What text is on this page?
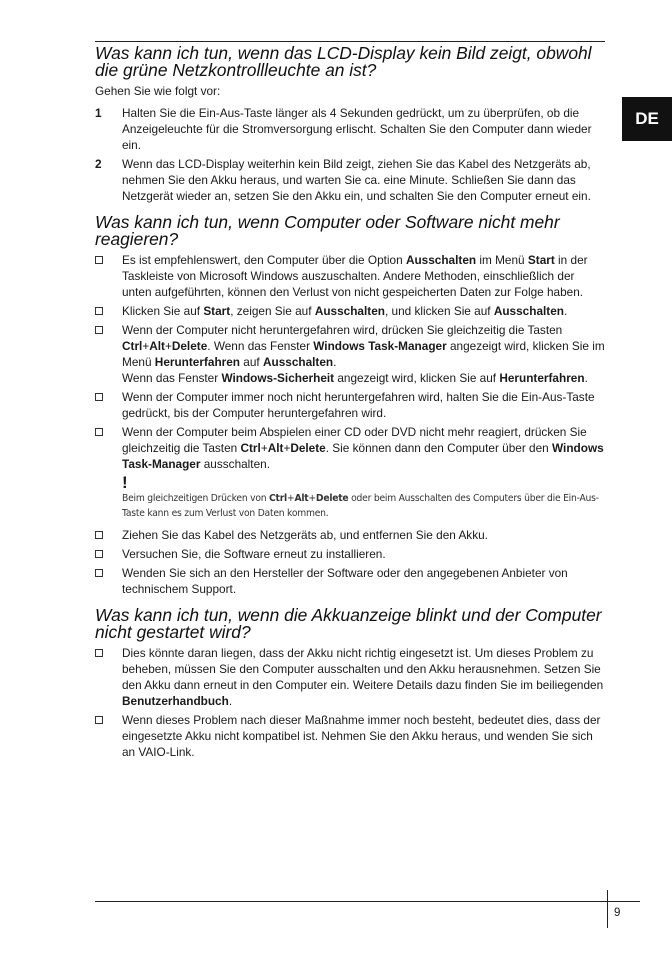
DE
Was kann ich tun, wenn das LCD-Display kein Bild zeigt, obwohl die grüne Netzkontrollleuchte an ist?

Gehen Sie wie folgt vor:

1 Halten Sie die Ein-Aus-Taste länger als 4 Sekunden gedrückt, um zu überprüfen, ob die Anzeigeleuchte für die Stromversorgung erlischt. Schalten Sie den Computer dann wieder ein.
2 Wenn das LCD-Display weiterhin kein Bild zeigt, ziehen Sie das Kabel des Netzgeräts ab, nehmen Sie den Akku heraus, und warten Sie ca. eine Minute. Schließen Sie dann das Netzgerät wieder an, setzen Sie den Akku ein, und schalten Sie den Computer erneut ein.
Was kann ich tun, wenn Computer oder Software nicht mehr reagieren?
Es ist empfehlenswert, den Computer über die Option Ausschalten im Menü Start in der Taskleiste von Microsoft Windows auszuschalten. Andere Methoden, einschließlich der unten aufgeführten, können den Verlust von nicht gespeicherten Daten zur Folge haben.
Klicken Sie auf Start, zeigen Sie auf Ausschalten, und klicken Sie auf Ausschalten.
Wenn der Computer nicht heruntergefahren wird, drücken Sie gleichzeitig die Tasten Ctrl+Alt+Delete. Wenn das Fenster Windows Task-Manager angezeigt wird, klicken Sie im Menü Herunterfahren auf Ausschalten.
Wenn das Fenster Windows-Sicherheit angezeigt wird, klicken Sie auf Herunterfahren.
Wenn der Computer immer noch nicht heruntergefahren wird, halten Sie die Ein-Aus-Taste gedrückt, bis der Computer heruntergefahren wird.
Wenn der Computer beim Abspielen einer CD oder DVD nicht mehr reagiert, drücken Sie gleichzeitig die Tasten Ctrl+Alt+Delete. Sie können dann den Computer über den Windows Task-Manager ausschalten.
!
Beim gleichzeitigen Drücken von Ctrl+Alt+Delete oder beim Ausschalten des Computers über die Ein-Aus-Taste kann es zum Verlust von Daten kommen.
Ziehen Sie das Kabel des Netzgeräts ab, und entfernen Sie den Akku.
Versuchen Sie, die Software erneut zu installieren.
Wenden Sie sich an den Hersteller der Software oder den angegebenen Anbieter von technischem Support.
Was kann ich tun, wenn die Akkuanzeige blinkt und der Computer nicht gestartet wird?
Dies könnte daran liegen, dass der Akku nicht richtig eingesetzt ist. Um dieses Problem zu beheben, müssen Sie den Computer ausschalten und den Akku herausnehmen. Setzen Sie den Akku dann erneut in den Computer ein. Weitere Details dazu finden Sie im beiliegenden Benutzerhandbuch.
Wenn dieses Problem nach dieser Maßnahme immer noch besteht, bedeutet dies, dass der eingesetzte Akku nicht kompatibel ist. Nehmen Sie den Akku heraus, und wenden Sie sich an VAIO-Link.
9
